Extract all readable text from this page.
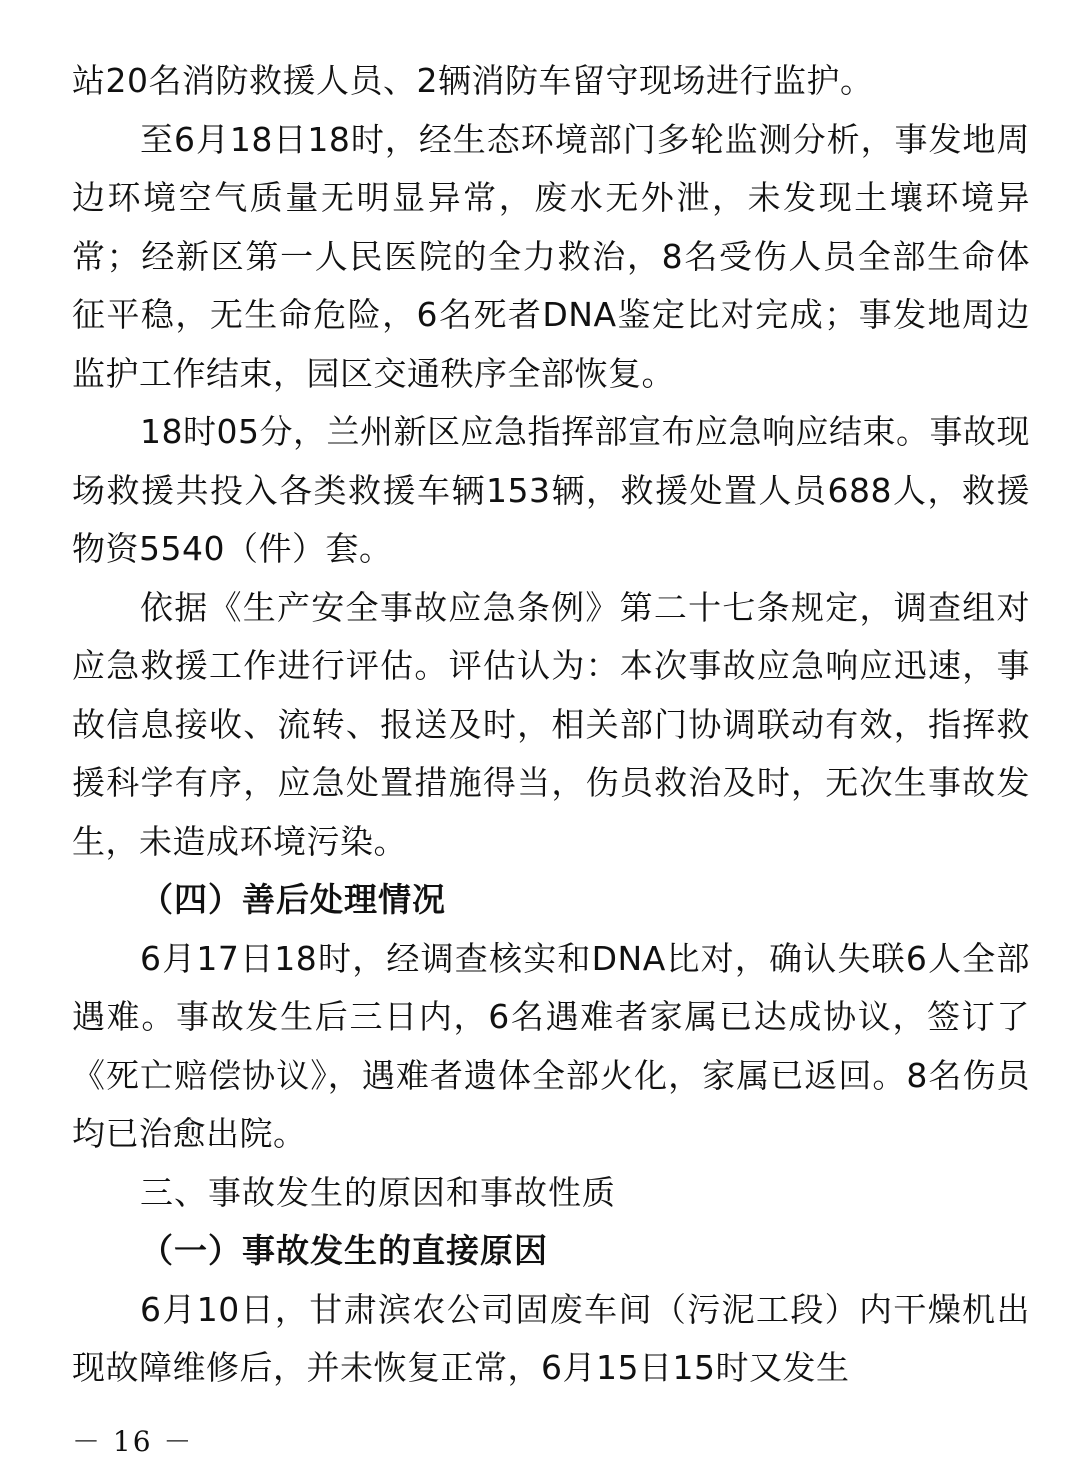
站20名消防救援人员、2辆消防车留守现场进行监护。

至6月18日18时，经生态环境部门多轮监测分析，事发地周边环境空气质量无明显异常，废水无外泄，未发现土壤环境异常；经新区第一人民医院的全力救治，8名受伤人员全部生命体征平稳，无生命危险，6名死者DNA鉴定比对完成；事发地周边监护工作结束，园区交通秩序全部恢复。

18时05分，兰州新区应急指挥部宣布应急响应结束。事故现场救援共投入各类救援车辆153辆，救援处置人员688人，救援物资5540（件）套。

依据《生产安全事故应急条例》第二十七条规定，调查组对应急救援工作进行评估。评估认为：本次事故应急响应迅速，事故信息接收、流转、报送及时，相关部门协调联动有效，指挥救援科学有序，应急处置措施得当，伤员救治及时，无次生事故发生，未造成环境污染。

（四）善后处理情况

6月17日18时，经调查核实和DNA比对，确认失联6人全部遇难。事故发生后三日内，6名遇难者家属已达成协议，签订了《死亡赔偿协议》，遇难者遗体全部火化，家属已返回。8名伤员均已治愈出院。

三、事故发生的原因和事故性质

（一）事故发生的直接原因

6月10日，甘肃滨农公司固废车间（污泥工段）内干燥机出现故障维修后，并未恢复正常，6月15日15时又发生

－ 16 －
